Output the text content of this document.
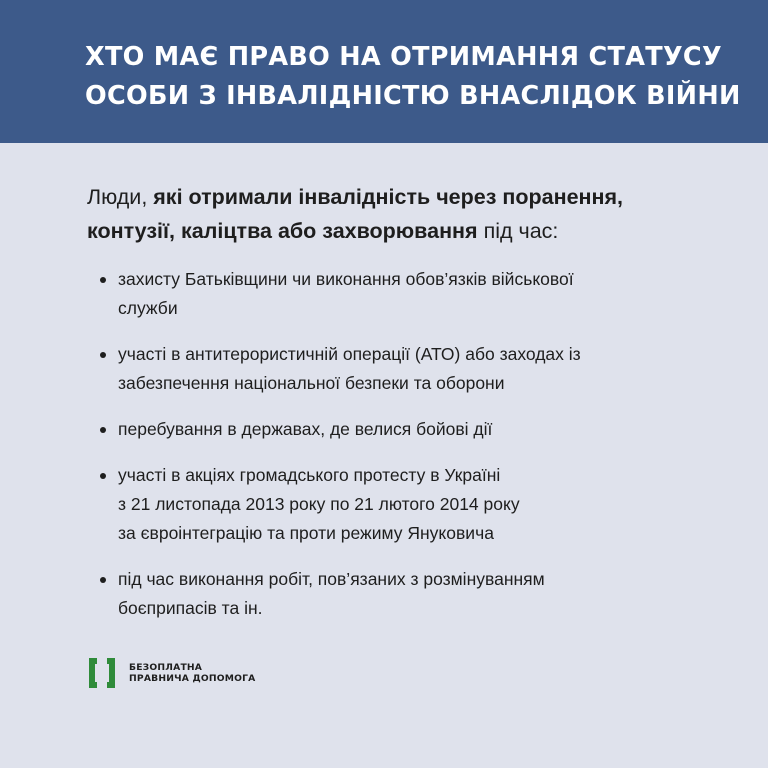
ХТО МАЄ ПРАВО НА ОТРИМАННЯ СТАТУСУ
ОСОБИ З ІНВАЛІДНІСТЮ ВНАСЛІДОК ВІЙНИ

Люди, які отримали інвалідність через поранення, контузії, каліцтва або захворювання під час:

захисту Батьківщини чи виконання обов’язків військової
служби
участі в антитерористичній операції (АТО) або заходах із
забезпечення національної безпеки та оборони
перебування в державах, де велися бойові дії
участі в акціях громадського протесту в Україні
з 21 листопада 2013 року по 21 лютого 2014 року
за євроінтеграцію та проти режиму Януковича
під час виконання робіт, пов’язаних з розмінуванням
боєприпасів та ін.
БЕЗОПЛАТНА
ПРАВНИЧА ДОПОМОГА
